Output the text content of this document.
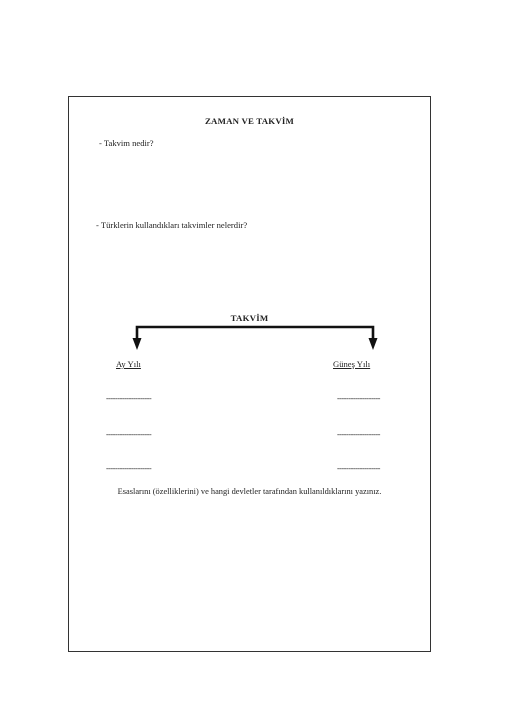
ZAMAN VE TAKVİM
- Takvim nedir?
- Türklerin kullandıkları takvimler nelerdir?
TAKVİM
Ay Yılı	Güneş Yılı
--------------------	-------------------
--------------------	-------------------
--------------------	-------------------
Esaslarını (özelliklerini) ve hangi devletler tarafından kullanıldıklarını yazınız.
